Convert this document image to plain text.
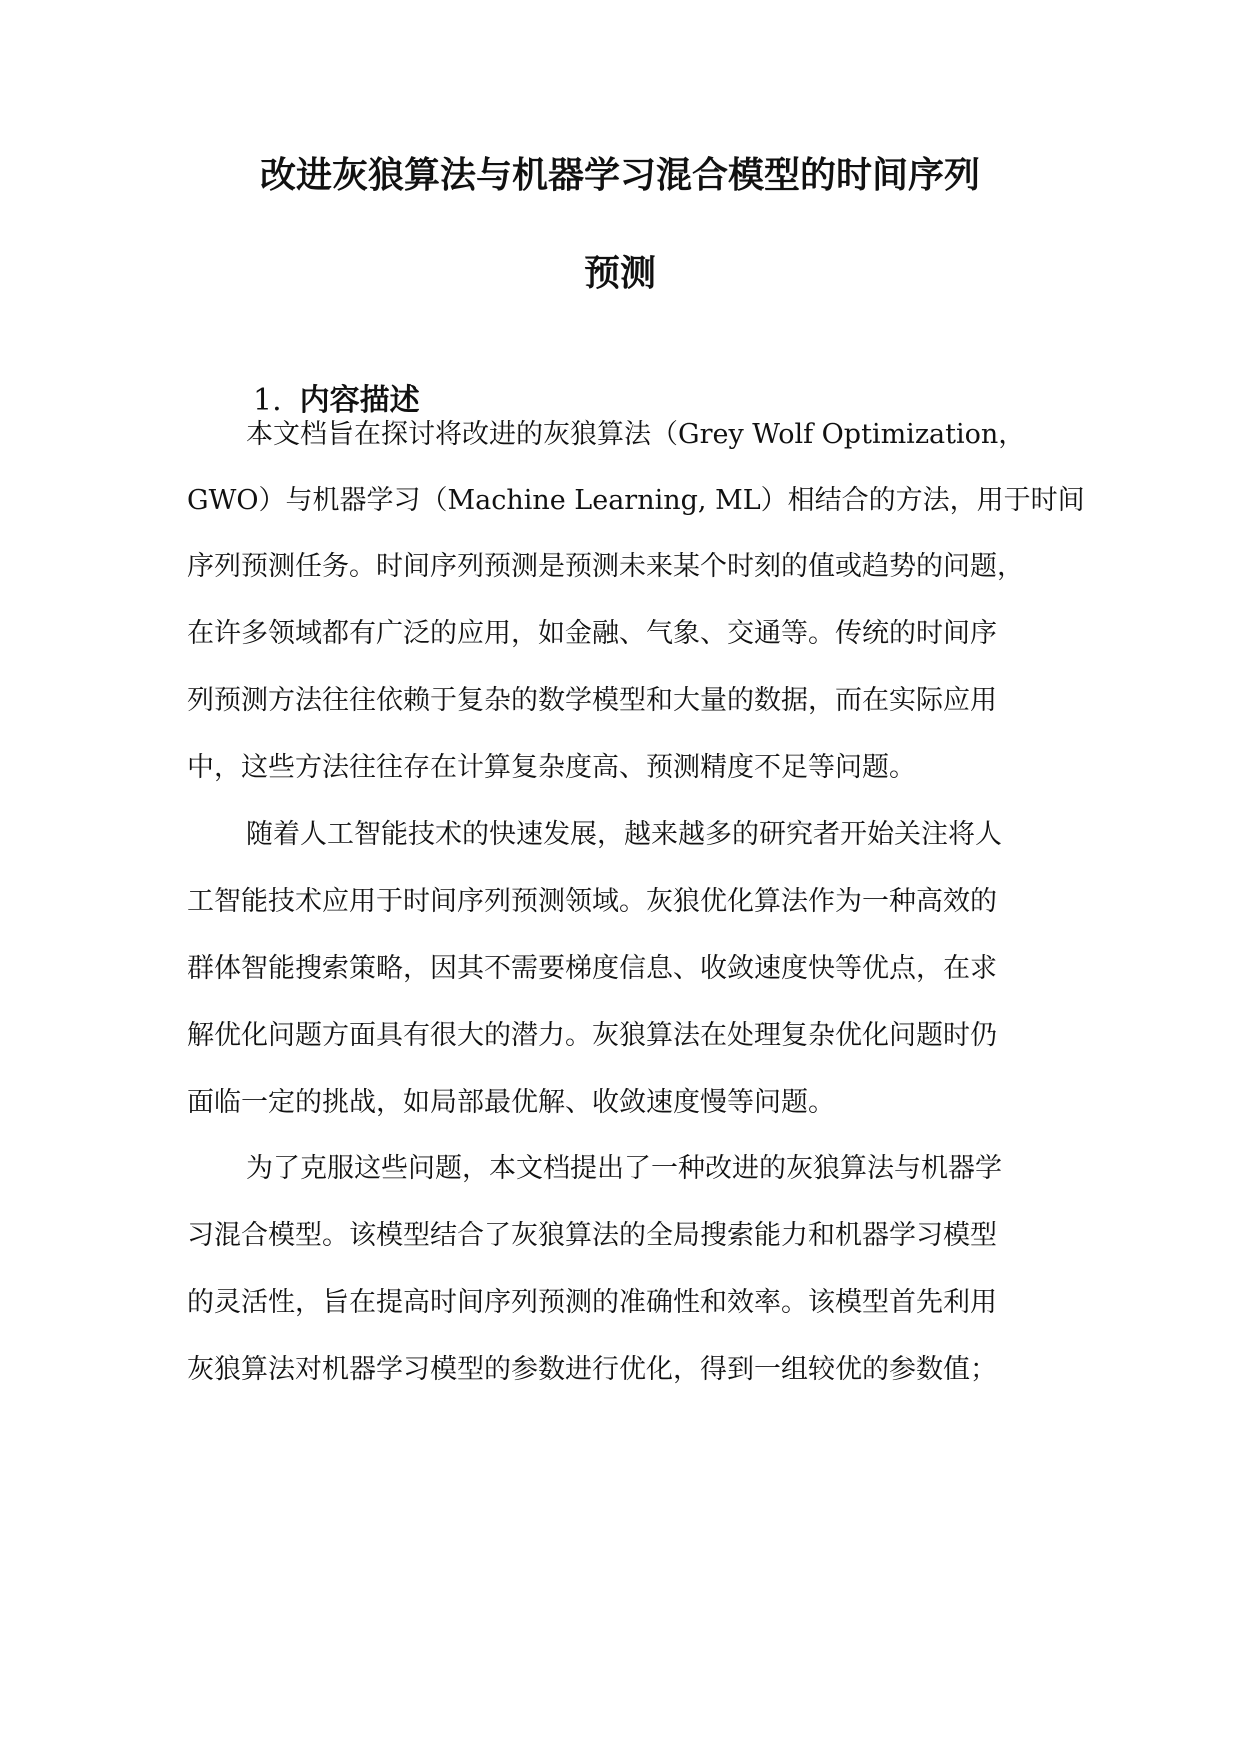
改进灰狼算法与机器学习混合模型的时间序列
预测
1. 内容描述

本文档旨在探讨将改进的灰狼算法（Grey Wolf Optimization，

GWO）与机器学习（Machine Learning, ML）相结合的方法，用于时间

序列预测任务。时间序列预测是预测未来某个时刻的值或趋势的问题，

在许多领域都有广泛的应用，如金融、气象、交通等。传统的时间序

列预测方法往往依赖于复杂的数学模型和大量的数据，而在实际应用

中，这些方法往往存在计算复杂度高、预测精度不足等问题。

随着人工智能技术的快速发展，越来越多的研究者开始关注将人

工智能技术应用于时间序列预测领域。灰狼优化算法作为一种高效的

群体智能搜索策略，因其不需要梯度信息、收敛速度快等优点，在求

解优化问题方面具有很大的潜力。灰狼算法在处理复杂优化问题时仍

面临一定的挑战，如局部最优解、收敛速度慢等问题。

为了克服这些问题，本文档提出了一种改进的灰狼算法与机器学

习混合模型。该模型结合了灰狼算法的全局搜索能力和机器学习模型

的灵活性，旨在提高时间序列预测的准确性和效率。该模型首先利用

灰狼算法对机器学习模型的参数进行优化，得到一组较优的参数值；
